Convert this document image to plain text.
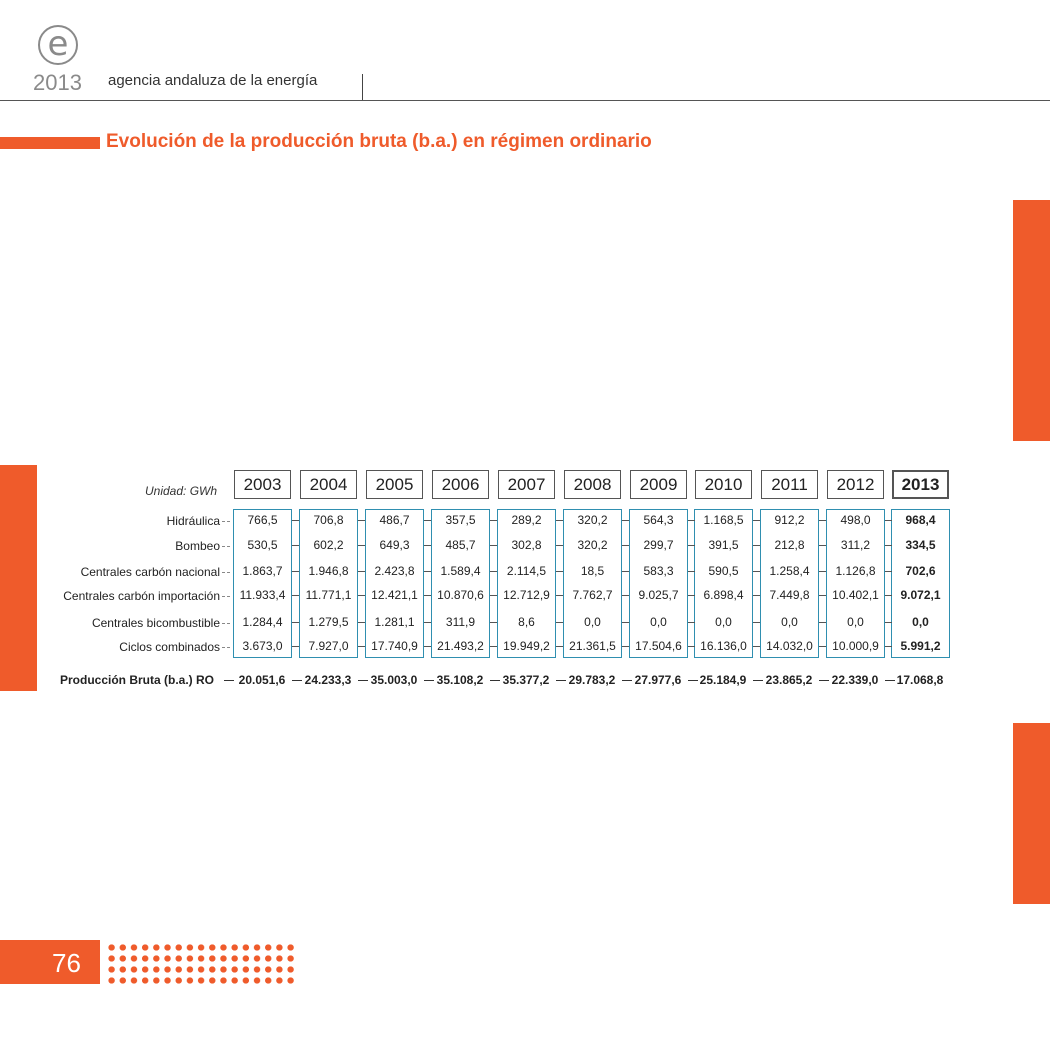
e
2013 agencia andaluza de la energía
Evolución de la producción bruta (b.a.) en régimen ordinario
Unidad: GWh	2003	2004	2005	2006	2007	2008	2009	2010	2011	2012	2013
Hidráulica	766,5	706,8	486,7	357,5	289,2	320,2	564,3	1.168,5	912,2	498,0	968,4
Bombeo	530,5	602,2	649,3	485,7	302,8	320,2	299,7	391,5	212,8	311,2	334,5
Centrales carbón nacional	1.863,7	1.946,8	2.423,8	1.589,4	2.114,5	18,5	583,3	590,5	1.258,4	1.126,8	702,6
Centrales carbón importación	11.933,4	11.771,1	12.421,1	10.870,6	12.712,9	7.762,7	9.025,7	6.898,4	7.449,8	10.402,1	9.072,1
Centrales bicombustible	1.284,4	1.279,5	1.281,1	311,9	8,6	0,0	0,0	0,0	0,0	0,0	0,0
Ciclos combinados	3.673,0	7.927,0	17.740,9	21.493,2	19.949,2	21.361,5	17.504,6	16.136,0	14.032,0	10.000,9	5.991,2
Producción Bruta (b.a.) RO	20.051,6	24.233,3	35.003,0	35.108,2	35.377,2	29.783,2	27.977,6	25.184,9	23.865,2	22.339,0	17.068,8
76
